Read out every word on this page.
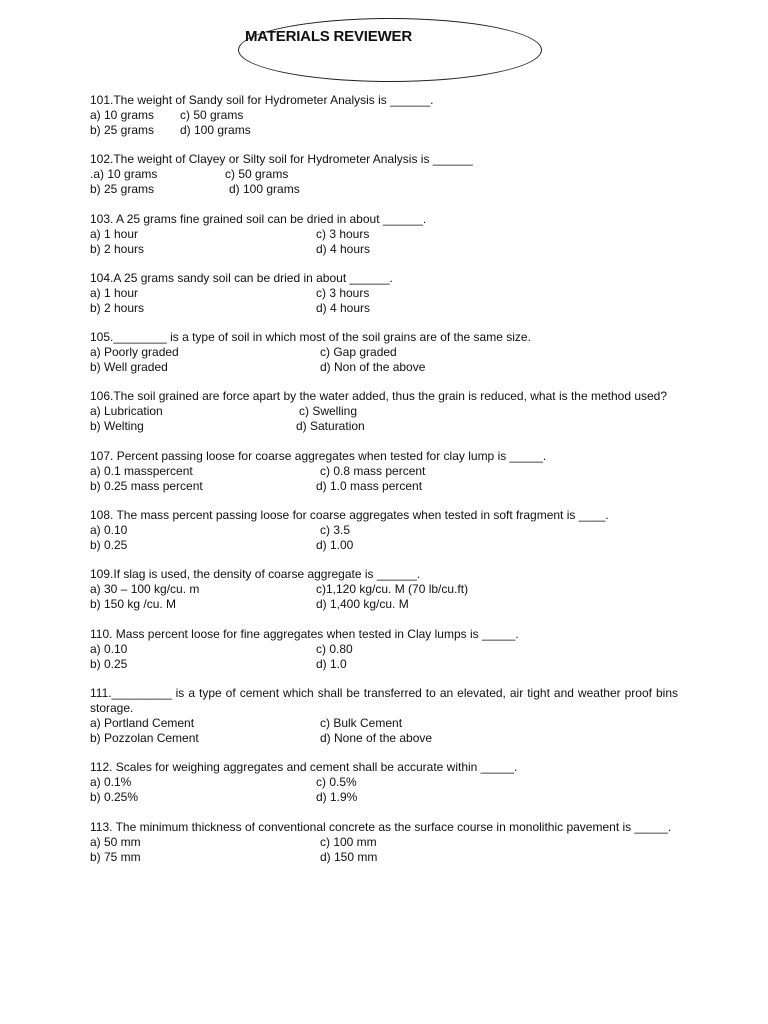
MATERIALS REVIEWER
101.The weight of Sandy soil for Hydrometer Analysis is ______.
a) 10 grams c) 50 grams
b) 25 grams d) 100 grams
102.The weight of Clayey or Silty soil for Hydrometer Analysis is ______
.a) 10 grams	c) 50 grams
b) 25 grams	d) 100 grams
103. A 25 grams fine grained soil can be dried in about ______.
a) 1 hour	c) 3 hours
b) 2 hours	d) 4 hours
104.A 25 grams sandy soil can be dried in about ______.
a) 1 hour	c) 3 hours
b) 2 hours	d) 4 hours
105.________ is a type of soil in which most of the soil grains are of the same size.
a) Poorly graded	c) Gap graded
b) Well graded	d) Non of the above
106.The soil grained are force apart by the water added, thus the grain is reduced, what is the method used?
a) Lubrication	c) Swelling
b) Welting	d) Saturation
107. Percent passing loose for coarse aggregates when tested for clay lump is _____.
a) 0.1 masspercent	c) 0.8 mass percent
b) 0.25 mass percent	d) 1.0 mass percent
108. The mass percent passing loose for coarse aggregates when tested in soft fragment is ____.
a) 0.10	c) 3.5
b) 0.25	d) 1.00
109.If slag is used, the density of coarse aggregate is ______.
a) 30 – 100 kg/cu. m	c)1,120 kg/cu. M (70 lb/cu.ft)
b) 150 kg /cu. M	d) 1,400 kg/cu. M
110. Mass percent loose for fine aggregates when tested in Clay lumps is _____.
a) 0.10	c) 0.80
b) 0.25	d) 1.0
111._________ is a type of cement which shall be transferred to an elevated, air tight and weather proof bins storage.
a) Portland Cement	c) Bulk Cement
b) Pozzolan Cement	d) None of the above
112. Scales for weighing aggregates and cement shall be accurate within _____.
a) 0.1%	c) 0.5%
b) 0.25%	d) 1.9%
113. The minimum thickness of conventional concrete as the surface course in monolithic pavement is _____.
a) 50 mm	c) 100 mm
b) 75 mm	d) 150 mm
